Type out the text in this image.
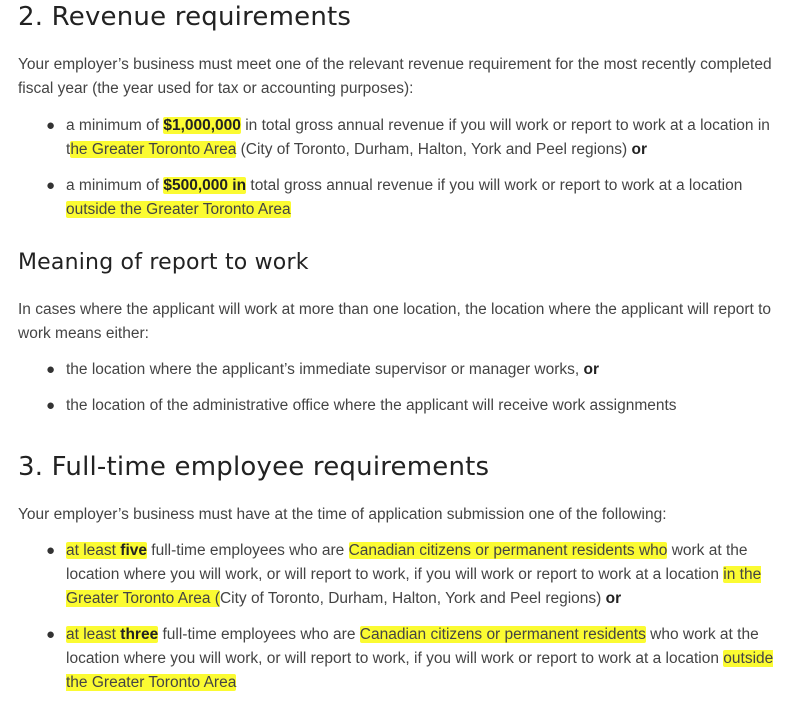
2. Revenue requirements

Your employer’s business must meet one of the relevant revenue requirement for the most recently completed fiscal year (the year used for tax or accounting purposes):

● a minimum of $1,000,000 in total gross annual revenue if you will work or report to work at a location in the Greater Toronto Area (City of Toronto, Durham, Halton, York and Peel regions) or
● a minimum of $500,000 in total gross annual revenue if you will work or report to work at a location outside the Greater Toronto Area
Meaning of report to work

In cases where the applicant will work at more than one location, the location where the applicant will report to work means either:

● the location where the applicant’s immediate supervisor or manager works, or
● the location of the administrative office where the applicant will receive work assignments
3. Full-time employee requirements

Your employer’s business must have at the time of application submission one of the following:

● at least five full-time employees who are Canadian citizens or permanent residents who work at the location where you will work, or will report to work, if you will work or report to work at a location in the Greater Toronto Area (City of Toronto, Durham, Halton, York and Peel regions) or
● at least three full-time employees who are Canadian citizens or permanent residents who work at the location where you will work, or will report to work, if you will work or report to work at a location outside the Greater Toronto Area
